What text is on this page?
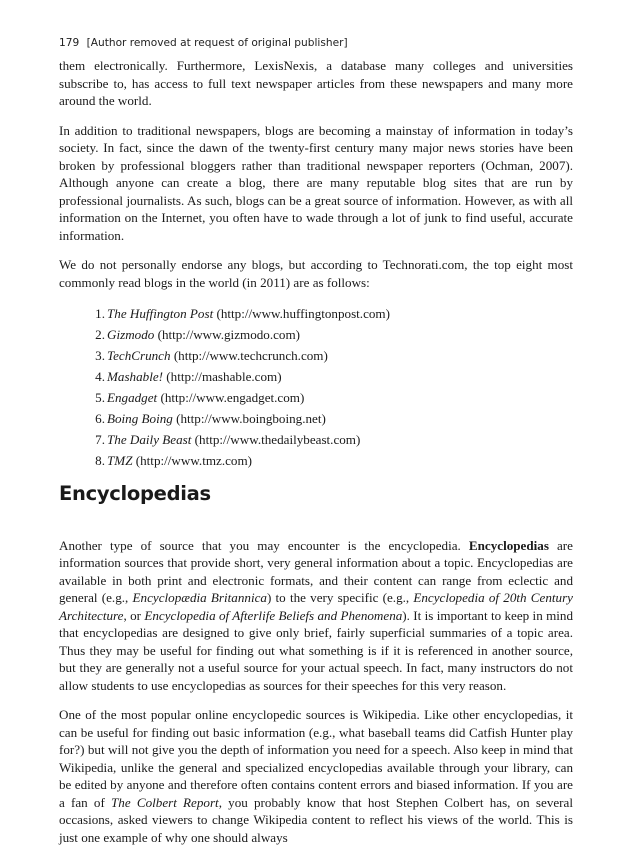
179 [Author removed at request of original publisher]

them electronically. Furthermore, LexisNexis, a database many colleges and universities subscribe to, has access to full text newspaper articles from these newspapers and many more around the world.

In addition to traditional newspapers, blogs are becoming a mainstay of information in today’s society. In fact, since the dawn of the twenty-first century many major news stories have been broken by professional bloggers rather than traditional newspaper reporters (Ochman, 2007). Although anyone can create a blog, there are many reputable blog sites that are run by professional journalists. As such, blogs can be a great source of information. However, as with all information on the Internet, you often have to wade through a lot of junk to find useful, accurate information.

We do not personally endorse any blogs, but according to Technorati.com, the top eight most commonly read blogs in the world (in 2011) are as follows:

1. The Huffington Post (http://www.huffingtonpost.com)
2. Gizmodo (http://www.gizmodo.com)
3. TechCrunch (http://www.techcrunch.com)
4. Mashable! (http://mashable.com)
5. Engadget (http://www.engadget.com)
6. Boing Boing (http://www.boingboing.net)
7. The Daily Beast (http://www.thedailybeast.com)
8. TMZ (http://www.tmz.com)
Encyclopedias

Another type of source that you may encounter is the encyclopedia. Encyclopedias are information sources that provide short, very general information about a topic. Encyclopedias are available in both print and electronic formats, and their content can range from eclectic and general (e.g., Encyclopædia Britannica) to the very specific (e.g., Encyclopedia of 20th Century Architecture, or Encyclopedia of Afterlife Beliefs and Phenomena). It is important to keep in mind that encyclopedias are designed to give only brief, fairly superficial summaries of a topic area. Thus they may be useful for finding out what something is if it is referenced in another source, but they are generally not a useful source for your actual speech. In fact, many instructors do not allow students to use encyclopedias as sources for their speeches for this very reason.

One of the most popular online encyclopedic sources is Wikipedia. Like other encyclopedias, it can be useful for finding out basic information (e.g., what baseball teams did Catfish Hunter play for?) but will not give you the depth of information you need for a speech. Also keep in mind that Wikipedia, unlike the general and specialized encyclopedias available through your library, can be edited by anyone and therefore often contains content errors and biased information. If you are a fan of The Colbert Report, you probably know that host Stephen Colbert has, on several occasions, asked viewers to change Wikipedia content to reflect his views of the world. This is just one example of why one should always
